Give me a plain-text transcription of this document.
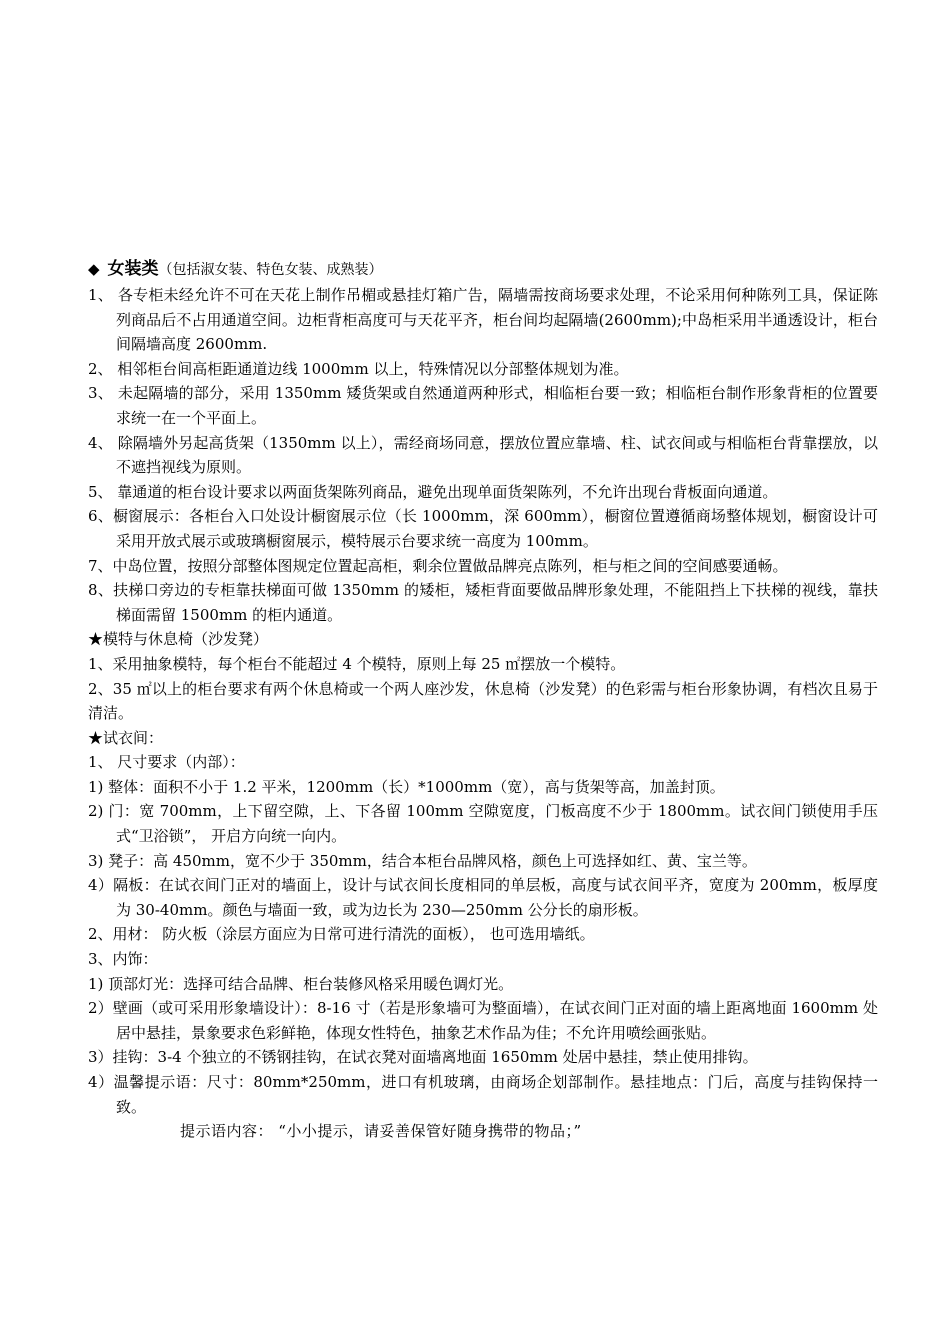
◆ 女装类（包括淑女装、特色女装、成熟装）

1、 各专柜未经允许不可在天花上制作吊楣或悬挂灯箱广告，隔墙需按商场要求处理，不论采用何种陈列工具，保证陈列商品后不占用通道空间。边柜背柜高度可与天花平齐，柜台间均起隔墙(2600mm);中岛柜采用半通透设计，柜台间隔墙高度 2600mm.

2、 相邻柜台间高柜距通道边线 1000mm 以上，特殊情况以分部整体规划为准。

3、 未起隔墙的部分，采用 1350mm 矮货架或自然通道两种形式，相临柜台要一致；相临柜台制作形象背柜的位置要求统一在一个平面上。

4、 除隔墙外另起高货架（1350mm 以上），需经商场同意，摆放位置应靠墙、柱、试衣间或与相临柜台背靠摆放，以不遮挡视线为原则。

5、 靠通道的柜台设计要求以两面货架陈列商品，避免出现单面货架陈列，不允许出现台背板面向通道。

6、橱窗展示：各柜台入口处设计橱窗展示位（长 1000mm，深 600mm），橱窗位置遵循商场整体规划，橱窗设计可采用开放式展示或玻璃橱窗展示，模特展示台要求统一高度为 100mm。

7、中岛位置，按照分部整体图规定位置起高柜，剩余位置做品牌亮点陈列，柜与柜之间的空间感要通畅。

8、扶梯口旁边的专柜靠扶梯面可做 1350mm 的矮柜，矮柜背面要做品牌形象处理，不能阻挡上下扶梯的视线，靠扶梯面需留 1500mm 的柜内通道。

★模特与休息椅（沙发凳）

1、采用抽象模特，每个柜台不能超过 4 个模特，原则上每 25 ㎡摆放一个模特。

2、35 ㎡以上的柜台要求有两个休息椅或一个两人座沙发，休息椅（沙发凳）的色彩需与柜台形象协调，有档次且易于清洁。

★试衣间：

1、 尺寸要求（内部）：

1) 整体：面积不小于 1.2 平米，1200mm（长）*1000mm（宽），高与货架等高，加盖封顶。

2) 门：宽 700mm，上下留空隙，上、下各留 100mm 空隙宽度，门板高度不少于 1800mm。试衣间门锁使用手压式“卫浴锁”， 开启方向统一向内。

3) 凳子：高 450mm，宽不少于 350mm，结合本柜台品牌风格，颜色上可选择如红、黄、宝兰等。

4）隔板：在试衣间门正对的墙面上，设计与试衣间长度相同的单层板，高度与试衣间平齐，宽度为 200mm，板厚度为 30-40mm。颜色与墙面一致，或为边长为 230—250mm 公分长的扇形板。

2、用材： 防火板（涂层方面应为日常可进行清洗的面板）， 也可选用墙纸。

3、内饰：

1) 顶部灯光：选择可结合品牌、柜台装修风格采用暖色调灯光。

2）壁画（或可采用形象墙设计）：8-16 寸（若是形象墙可为整面墙），在试衣间门正对面的墙上距离地面 1600mm 处居中悬挂，景象要求色彩鲜艳，体现女性特色，抽象艺术作品为佳；不允许用喷绘画张贴。

3）挂钩：3-4 个独立的不锈钢挂钩，在试衣凳对面墙离地面 1650mm 处居中悬挂，禁止使用排钩。

4）温馨提示语：尺寸：80mm*250mm，进口有机玻璃，由商场企划部制作。悬挂地点：门后，高度与挂钩保持一致。

提示语内容： “小小提示，请妥善保管好随身携带的物品；”
